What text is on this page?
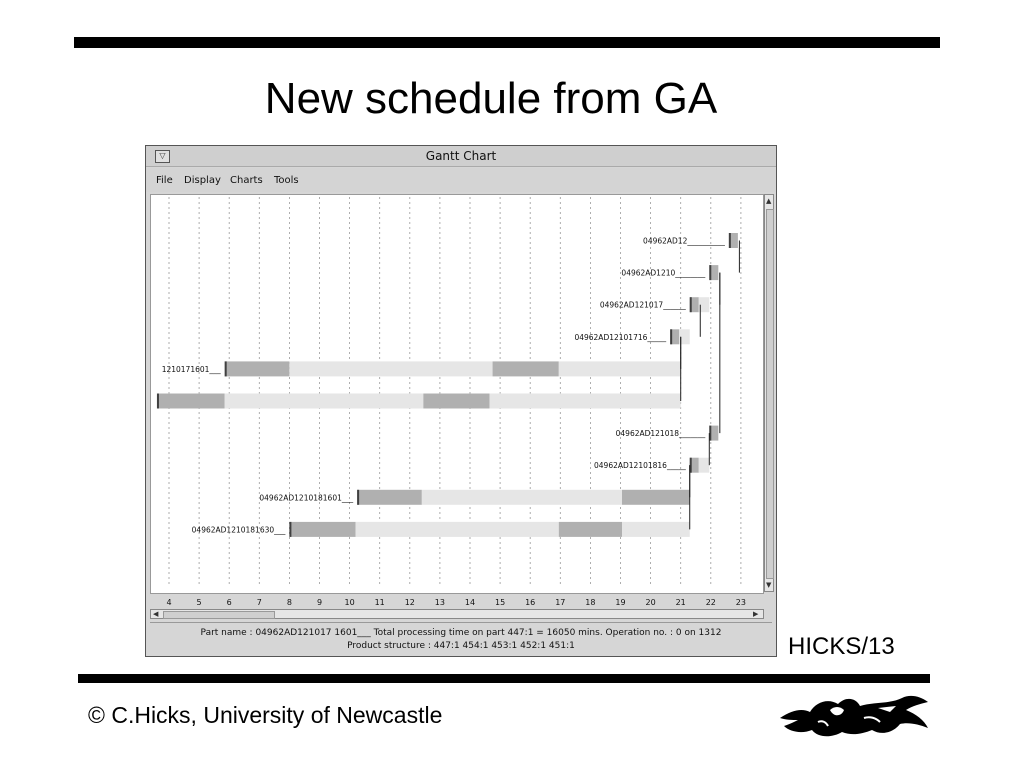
New schedule from GA
▽	Gantt Chart
File Display Charts Tools
04962AD12__________
04962AD1210________
04962AD121017______
04962AD12101716_____
1210171601___
04962AD121018_______
04962AD12101816_____
04962AD1210181601___
04962AD1210181630___
4	5	6	7	8	9	10 11 12 13 14 15 16 17 18 19 20 21 22 23
▲
▼
◀	▶
Part name : 04962AD121017 1601___ Total processing time on part 447:1 = 16050 mins. Operation no. : 0 on 1312
Product structure : 447:1 454:1 453:1 452:1 451:1	HICKS/13
© C.Hicks, University of Newcastle
